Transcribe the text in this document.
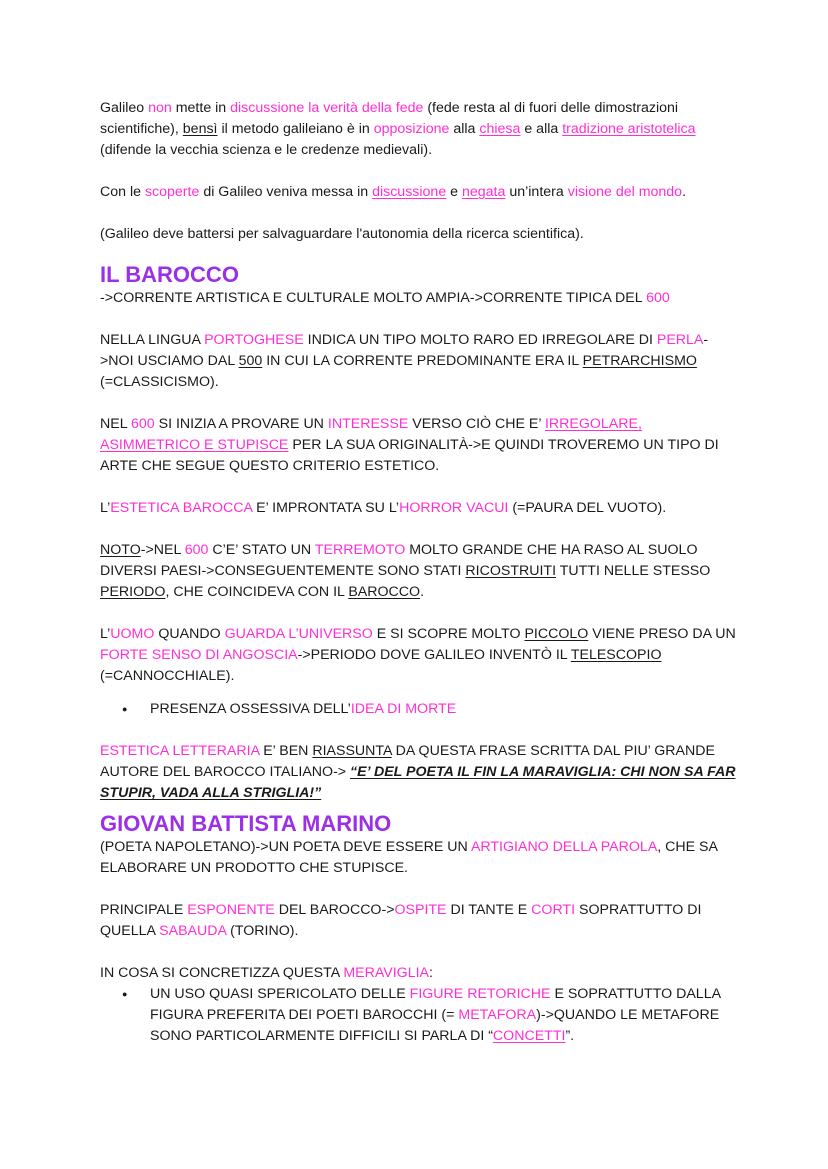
Galileo non mette in discussione la verità della fede (fede resta al di fuori delle dimostrazioni scientifiche), bensì il metodo galileiano è in opposizione alla chiesa e alla tradizione aristotelica (difende la vecchia scienza e le credenze medievali).

Con le scoperte di Galileo veniva messa in discussione e negata un’intera visione del mondo.

(Galileo deve battersi per salvaguardare l'autonomia della ricerca scientifica).

IL BAROCCO

->CORRENTE ARTISTICA E CULTURALE MOLTO AMPIA->CORRENTE TIPICA DEL 600

NELLA LINGUA PORTOGHESE INDICA UN TIPO MOLTO RARO ED IRREGOLARE DI PERLA->NOI USCIAMO DAL 500 IN CUI LA CORRENTE PREDOMINANTE ERA IL PETRARCHISMO (=CLASSICISMO).

NEL 600 SI INIZIA A PROVARE UN INTERESSE VERSO CIÒ CHE E’ IRREGOLARE, ASIMMETRICO E STUPISCE PER LA SUA ORIGINALITÀ->E QUINDI TROVEREMO UN TIPO DI ARTE CHE SEGUE QUESTO CRITERIO ESTETICO.

L’ESTETICA BAROCCA E’ IMPRONTATA SU L’HORROR VACUI (=PAURA DEL VUOTO).

NOTO->NEL 600 C’E’ STATO UN TERREMOTO MOLTO GRANDE CHE HA RASO AL SUOLO DIVERSI PAESI->CONSEGUENTEMENTE SONO STATI RICOSTRUITI TUTTI NELLE STESSO PERIODO, CHE COINCIDEVA CON IL BAROCCO.

L’UOMO QUANDO GUARDA L’UNIVERSO E SI SCOPRE MOLTO PICCOLO VIENE PRESO DA UN FORTE SENSO DI ANGOSCIA->PERIODO DOVE GALILEO INVENTÒ IL TELESCOPIO (=CANNOCCHIALE).

● PRESENZA OSSESSIVA DELL’IDEA DI MORTE

ESTETICA LETTERARIA E’ BEN RIASSUNTA DA QUESTA FRASE SCRITTA DAL PIU’ GRANDE AUTORE DEL BAROCCO ITALIANO-> “E’ DEL POETA IL FIN LA MARAVIGLIA: CHI NON SA FAR STUPIR, VADA ALLA STRIGLIA!”

GIOVAN BATTISTA MARINO

(POETA NAPOLETANO)->UN POETA DEVE ESSERE UN ARTIGIANO DELLA PAROLA, CHE SA ELABORARE UN PRODOTTO CHE STUPISCE.

PRINCIPALE ESPONENTE DEL BAROCCO->OSPITE DI TANTE E CORTI SOPRATTUTTO DI QUELLA SABAUDA (TORINO).

IN COSA SI CONCRETIZZA QUESTA MERAVIGLIA:

● UN USO QUASI SPERICOLATO DELLE FIGURE RETORICHE E SOPRATTUTTO DALLA FIGURA PREFERITA DEI POETI BAROCCHI (= METAFORA)->QUANDO LE METAFORE SONO PARTICOLARMENTE DIFFICILI SI PARLA DI “CONCETTI”.
